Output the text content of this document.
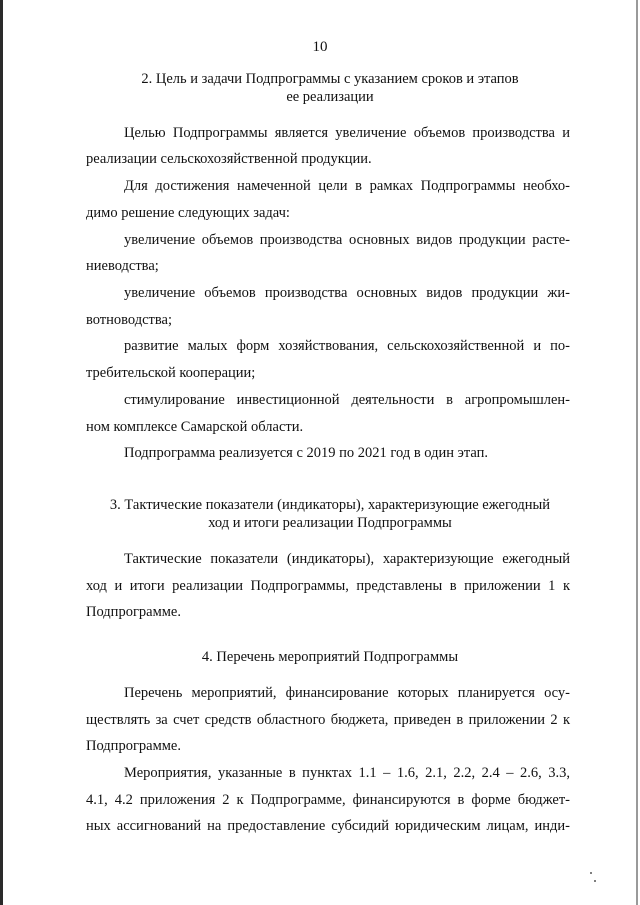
10
2. Цель и задачи Подпрограммы с указанием сроков и этапов
ее реализации
Целью Подпрограммы является увеличение объемов производства и
реализации сельскохозяйственной продукции.
Для достижения намеченной цели в рамках Подпрограммы необхо-
димо решение следующих задач:
увеличение объемов производства основных видов продукции расте-
ниеводства;
увеличение объемов производства основных видов продукции жи-
вотноводства;
развитие малых форм хозяйствования, сельскохозяйственной и по-
требительской кооперации;
стимулирование инвестиционной деятельности в агропромышлен-
ном комплексе Самарской области.
Подпрограмма реализуется с 2019 по 2021 год в один этап.
3. Тактические показатели (индикаторы), характеризующие ежегодный
ход и итоги реализации Подпрограммы
Тактические показатели (индикаторы), характеризующие ежегодный
ход и итоги реализации Подпрограммы, представлены в приложении 1 к
Подпрограмме.
4. Перечень мероприятий Подпрограммы
Перечень мероприятий, финансирование которых планируется осу-
ществлять за счет средств областного бюджета, приведен в приложении 2 к
Подпрограмме.
Мероприятия, указанные в пунктах 1.1 – 1.6, 2.1, 2.2, 2.4 – 2.6, 3.3,
4.1, 4.2 приложения 2 к Подпрограмме, финансируются в форме бюджет-
ных ассигнований на предоставление субсидий юридическим лицам, инди-
